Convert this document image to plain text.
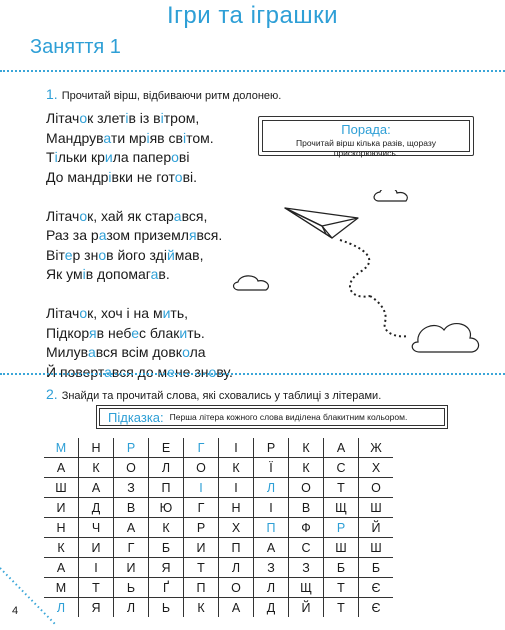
Ігри та іграшки
Заняття 1
1. Прочитай вірш, відбиваючи ритм долонею.
Літачок злетів із вітром,
Мандрувати мріяв світом.
Тільки крила паперові
До мандрівки не готові.
Літачок, хай як старався,
Раз за разом приземлявся.
Вітер знов його здіймав,
Як умів допомагав.
Літачок, хоч і на мить,
Підкоряв небес блакить.
Милувався всім довкола
Й повертався до мене знову.
Порада:
Прочитай вірш кілька разів, щоразу прискорюючись.
2. Знайди та прочитай слова, які сховались у таблиці з літерами.
Підказка: Перша літера кожного слова виділена блакитним кольором.
М	Н	Р	Е	Г	І	Р	К	А	Ж
А	К	О	Л	О	К	Ї	К	С	Х
Ш	А	З	П	І	І	Л	О	Т	О
И	Д	В	Ю	Г	Н	І	В	Щ	Ш
Н	Ч	А	К	Р	Х	П	Ф	Р	Й
К	И	Г	Б	И	П	А	С	Ш	Ш
А	І	И	Я	Т	Л	З	З	Б	Б
М	Т	Ь	Ґ	П	О	Л	Щ	Т	Є
Л	Я	Л	Ь	К	А	Д	Й	Т	Є
4
